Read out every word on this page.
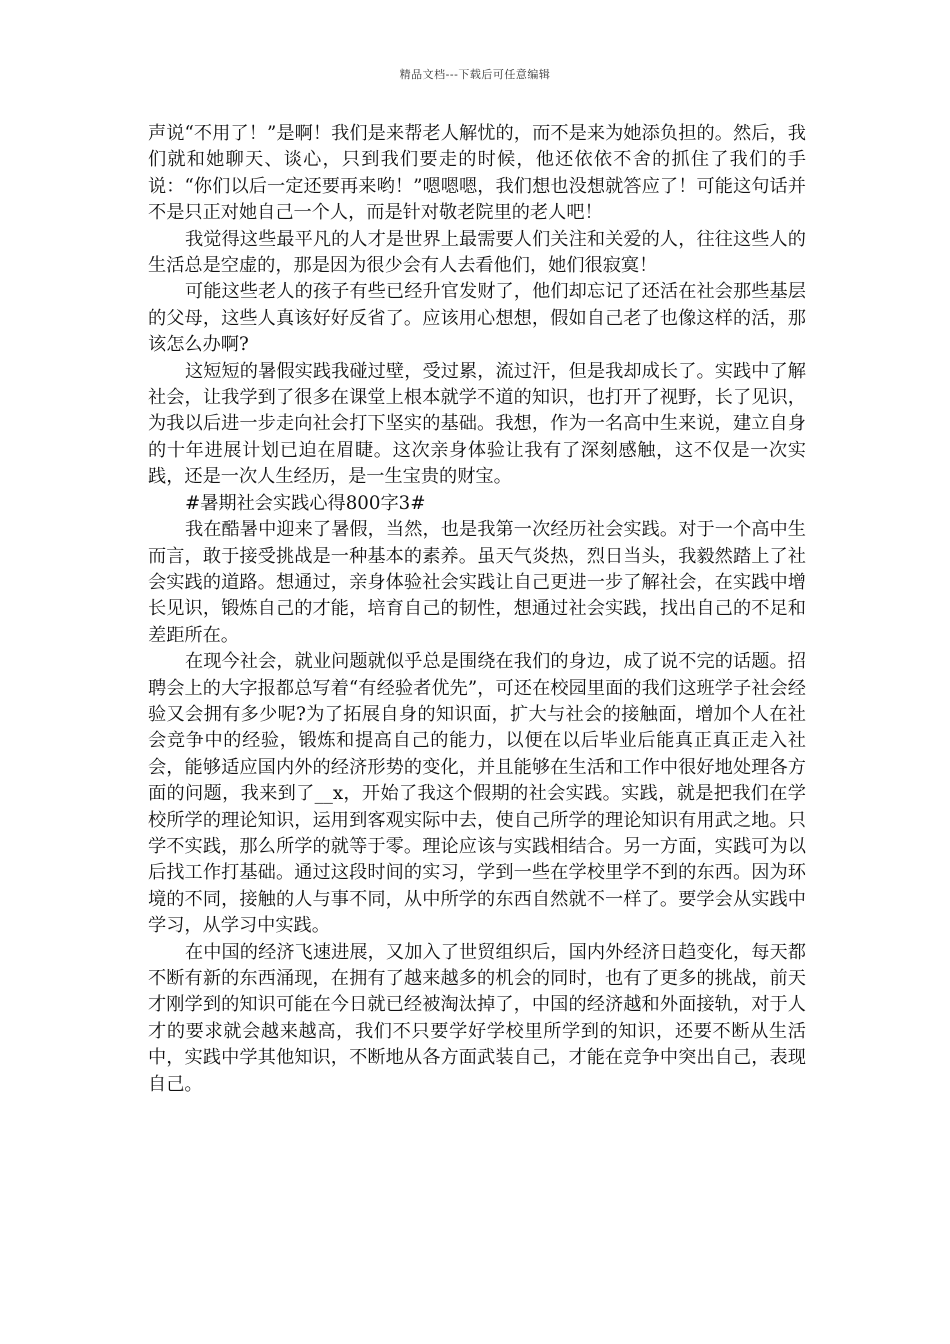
精品文档---下载后可任意编辑

声说“不用了！”是啊！我们是来帮老人解忧的，而不是来为她添负担的。然后，我们就和她聊天、谈心，只到我们要走的时候，他还依依不舍的抓住了我们的手说：“你们以后一定还要再来哟！”嗯嗯嗯，我们想也没想就答应了！可能这句话并不是只正对她自己一个人，而是针对敬老院里的老人吧！

我觉得这些最平凡的人才是世界上最需要人们关注和关爱的人，往往这些人的生活总是空虚的，那是因为很少会有人去看他们，她们很寂寞！

可能这些老人的孩子有些已经升官发财了，他们却忘记了还活在社会那些基层的父母，这些人真该好好反省了。应该用心想想，假如自己老了也像这样的活，那该怎么办啊?

这短短的暑假实践我碰过壁，受过累，流过汗，但是我却成长了。实践中了解社会，让我学到了很多在课堂上根本就学不道的知识，也打开了视野，长了见识，为我以后进一步走向社会打下坚实的基础。我想，作为一名高中生来说，建立自身的十年进展计划已迫在眉睫。这次亲身体验让我有了深刻感触，这不仅是一次实践，还是一次人生经历，是一生宝贵的财宝。

#暑期社会实践心得800字3#

我在酷暑中迎来了暑假，当然，也是我第一次经历社会实践。对于一个高中生而言，敢于接受挑战是一种基本的素养。虽天气炎热，烈日当头，我毅然踏上了社会实践的道路。想通过，亲身体验社会实践让自己更进一步了解社会，在实践中增长见识，锻炼自己的才能，培育自己的韧性，想通过社会实践，找出自己的不足和差距所在。

在现今社会，就业问题就似乎总是围绕在我们的身边，成了说不完的话题。招聘会上的大字报都总写着“有经验者优先”，可还在校园里面的我们这班学子社会经验又会拥有多少呢?为了拓展自身的知识面，扩大与社会的接触面，增加个人在社会竞争中的经验，锻炼和提高自己的能力，以便在以后毕业后能真正真正走入社会，能够适应国内外的经济形势的变化，并且能够在生活和工作中很好地处理各方面的问题，我来到了__x，开始了我这个假期的社会实践。实践，就是把我们在学校所学的理论知识，运用到客观实际中去，使自己所学的理论知识有用武之地。只学不实践，那么所学的就等于零。理论应该与实践相结合。另一方面，实践可为以后找工作打基础。通过这段时间的实习，学到一些在学校里学不到的东西。因为环境的不同，接触的人与事不同，从中所学的东西自然就不一样了。要学会从实践中学习，从学习中实践。

在中国的经济飞速进展，又加入了世贸组织后，国内外经济日趋变化，每天都不断有新的东西涌现，在拥有了越来越多的机会的同时，也有了更多的挑战，前天才刚学到的知识可能在今日就已经被淘汰掉了，中国的经济越和外面接轨，对于人才的要求就会越来越高，我们不只要学好学校里所学到的知识，还要不断从生活中，实践中学其他知识，不断地从各方面武装自己，才能在竞争中突出自己，表现自己。
